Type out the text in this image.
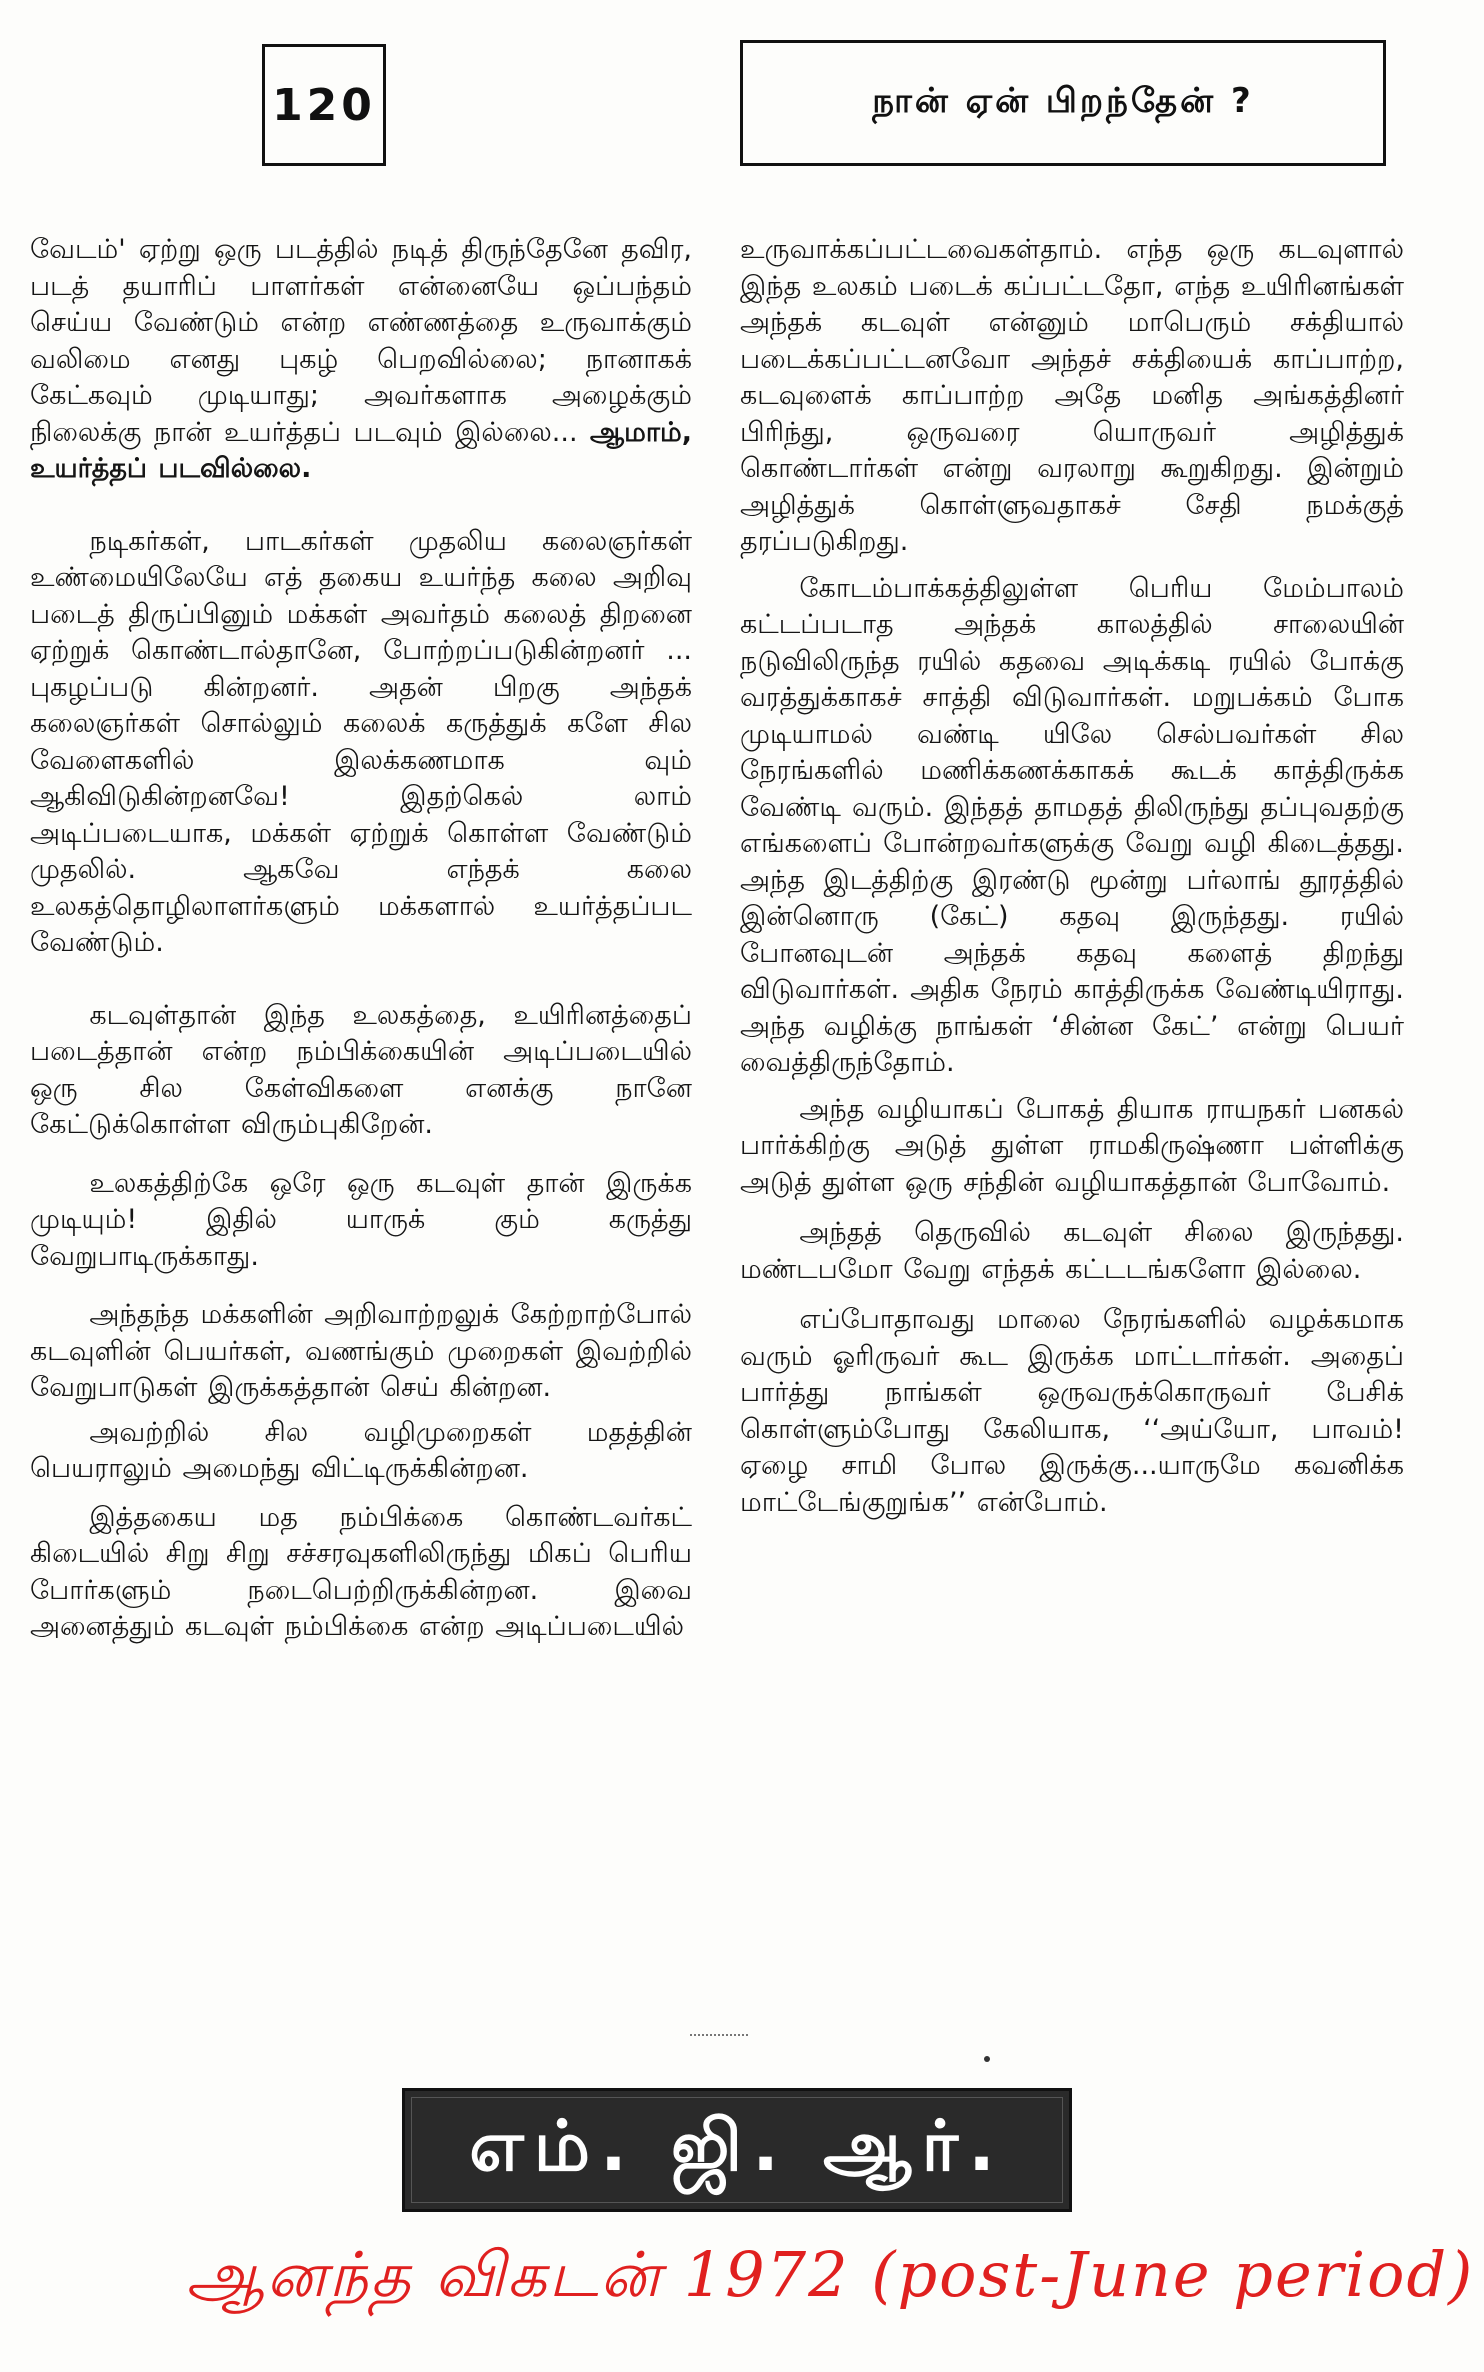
120	நான் ஏன் பிறந்தேன் ?

வேடம்' ஏற்று ஒரு படத்தில் நடித் திருந்தேனே தவிர, படத் தயாரிப் பாளர்கள் என்னையே ஒப்பந்தம் செய்ய வேண்டும் என்ற எண்ணத்தை உருவாக்கும் வலிமை எனது புகழ் பெறவில்லை; நானாகக் கேட்கவும் முடியாது; அவர்களாக அழைக்கும் நிலைக்கு நான் உயர்த்தப் படவும் இல்லை... ஆமாம், உயர்த்தப் படவில்லை.

நடிகர்கள், பாடகர்கள் முதலிய கலைஞர்கள் உண்மையிலேயே எத் தகைய உயர்ந்த கலை அறிவு படைத் திருப்பினும் மக்கள் அவர்தம் கலைத் திறனை ஏற்றுக் கொண்டால்தானே, போற்றப்படுகின்றனர் ... புகழப்படு கின்றனர். அதன் பிறகு அந்தக் கலைஞர்கள் சொல்லும் கலைக் கருத்துக் களே சில வேளைகளில் இலக்கணமாக வும் ஆகிவிடுகின்றனவே! இதற்கெல் லாம் அடிப்படையாக, மக்கள் ஏற்றுக் கொள்ள வேண்டும் முதலில். ஆகவே எந்தக் கலை உலகத்தொழிலாளர்களும் மக்களால் உயர்த்தப்பட வேண்டும்.

கடவுள்தான் இந்த உலகத்தை, உயிரினத்தைப் படைத்தான் என்ற நம்பிக்கையின் அடிப்படையில் ஒரு சில கேள்விகளை எனக்கு நானே கேட்டுக்கொள்ள விரும்புகிறேன்.

உலகத்திற்கே ஒரே ஒரு கடவுள் தான் இருக்க முடியும்! இதில் யாருக் கும் கருத்து வேறுபாடிருக்காது.

அந்தந்த மக்களின் அறிவாற்றலுக் கேற்றாற்போல் கடவுளின் பெயர்கள், வணங்கும் முறைகள் இவற்றில் வேறுபாடுகள் இருக்கத்தான் செய் கின்றன.

அவற்றில் சில வழிமுறைகள் மதத்தின் பெயராலும் அமைந்து விட்டிருக்கின்றன.

இத்தகைய மத நம்பிக்கை கொண்டவர்கட் கிடையில் சிறு சிறு சச்சரவுகளிலிருந்து மிகப் பெரிய போர்களும் நடைபெற்றிருக்கின்றன. இவை அனைத்தும் கடவுள் நம்பிக்கை என்ற அடிப்படையில்

உருவாக்கப்பட்டவைகள்தாம். எந்த ஒரு கடவுளால் இந்த உலகம் படைக் கப்பட்டதோ, எந்த உயிரினங்கள் அந்தக் கடவுள் என்னும் மாபெரும் சக்தியால் படைக்கப்பட்டனவோ அந்தச் சக்தியைக் காப்பாற்ற, கடவுளைக் காப்பாற்ற அதே மனித அங்கத்தினர் பிரிந்து, ஒருவரை யொருவர் அழித்துக் கொண்டார்கள் என்று வரலாறு கூறுகிறது. இன்றும் அழித்துக் கொள்ளுவதாகச் சேதி நமக்குத் தரப்படுகிறது.

கோடம்பாக்கத்திலுள்ள பெரிய மேம்பாலம் கட்டப்படாத அந்தக் காலத்தில் சாலையின் நடுவிலிருந்த ரயில் கதவை அடிக்கடி ரயில் போக்கு வரத்துக்காகச் சாத்தி விடுவார்கள். மறுபக்கம் போக முடியாமல் வண்டி யிலே செல்பவர்கள் சில நேரங்களில் மணிக்கணக்காகக் கூடக் காத்திருக்க வேண்டி வரும். இந்தத் தாமதத் திலிருந்து தப்புவதற்கு எங்களைப் போன்றவர்களுக்கு வேறு வழி கிடைத்தது. அந்த இடத்திற்கு இரண்டு மூன்று பர்லாங் தூரத்தில் இன்னொரு (கேட்) கதவு இருந்தது. ரயில் போனவுடன் அந்தக் கதவு களைத் திறந்து விடுவார்கள். அதிக நேரம் காத்திருக்க வேண்டியிராது. அந்த வழிக்கு நாங்கள் ‘சின்ன கேட்’ என்று பெயர் வைத்திருந்தோம்.

அந்த வழியாகப் போகத் தியாக ராயநகர் பனகல் பார்க்கிற்கு அடுத் துள்ள ராமகிருஷ்ணா பள்ளிக்கு அடுத் துள்ள ஒரு சந்தின் வழியாகத்தான் போவோம்.

அந்தத் தெருவில் கடவுள் சிலை இருந்தது. மண்டபமோ வேறு எந்தக் கட்டடங்களோ இல்லை.

எப்போதாவது மாலை நேரங்களில் வழக்கமாக வரும் ஓரிருவர் கூட இருக்க மாட்டார்கள். அதைப் பார்த்து நாங்கள் ஒருவருக்கொருவர் பேசிக் கொள்ளும்போது கேலியாக, ‘‘அய்யோ, பாவம்! ஏழை சாமி போல இருக்கு...யாருமே கவனிக்க மாட்டேங்குறுங்க’’ என்போம்.

எம். ஜி. ஆர்.
ஆனந்த விகடன் 1972 (post-June period)
